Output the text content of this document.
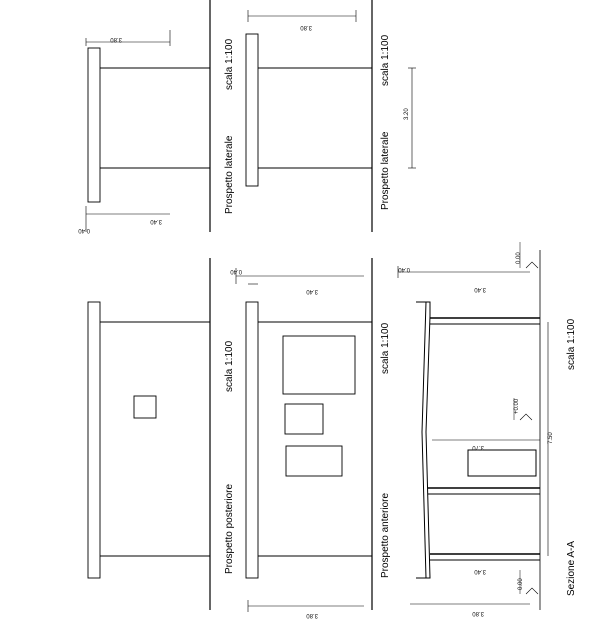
3.80
3.40
0.40
Prospetto laterale
scala 1:100
3.80
3.20
Prospetto laterale
scala 1:100
Prospetto posteriore
scala 1:100
0.40
3.40
3.80
Prospetto anteriore
scala 1:100
0.40
3.40
3.70
3.40
3.80
7.50
0.00
+0.00
0.00	Sezione A-A
scala 1:100
